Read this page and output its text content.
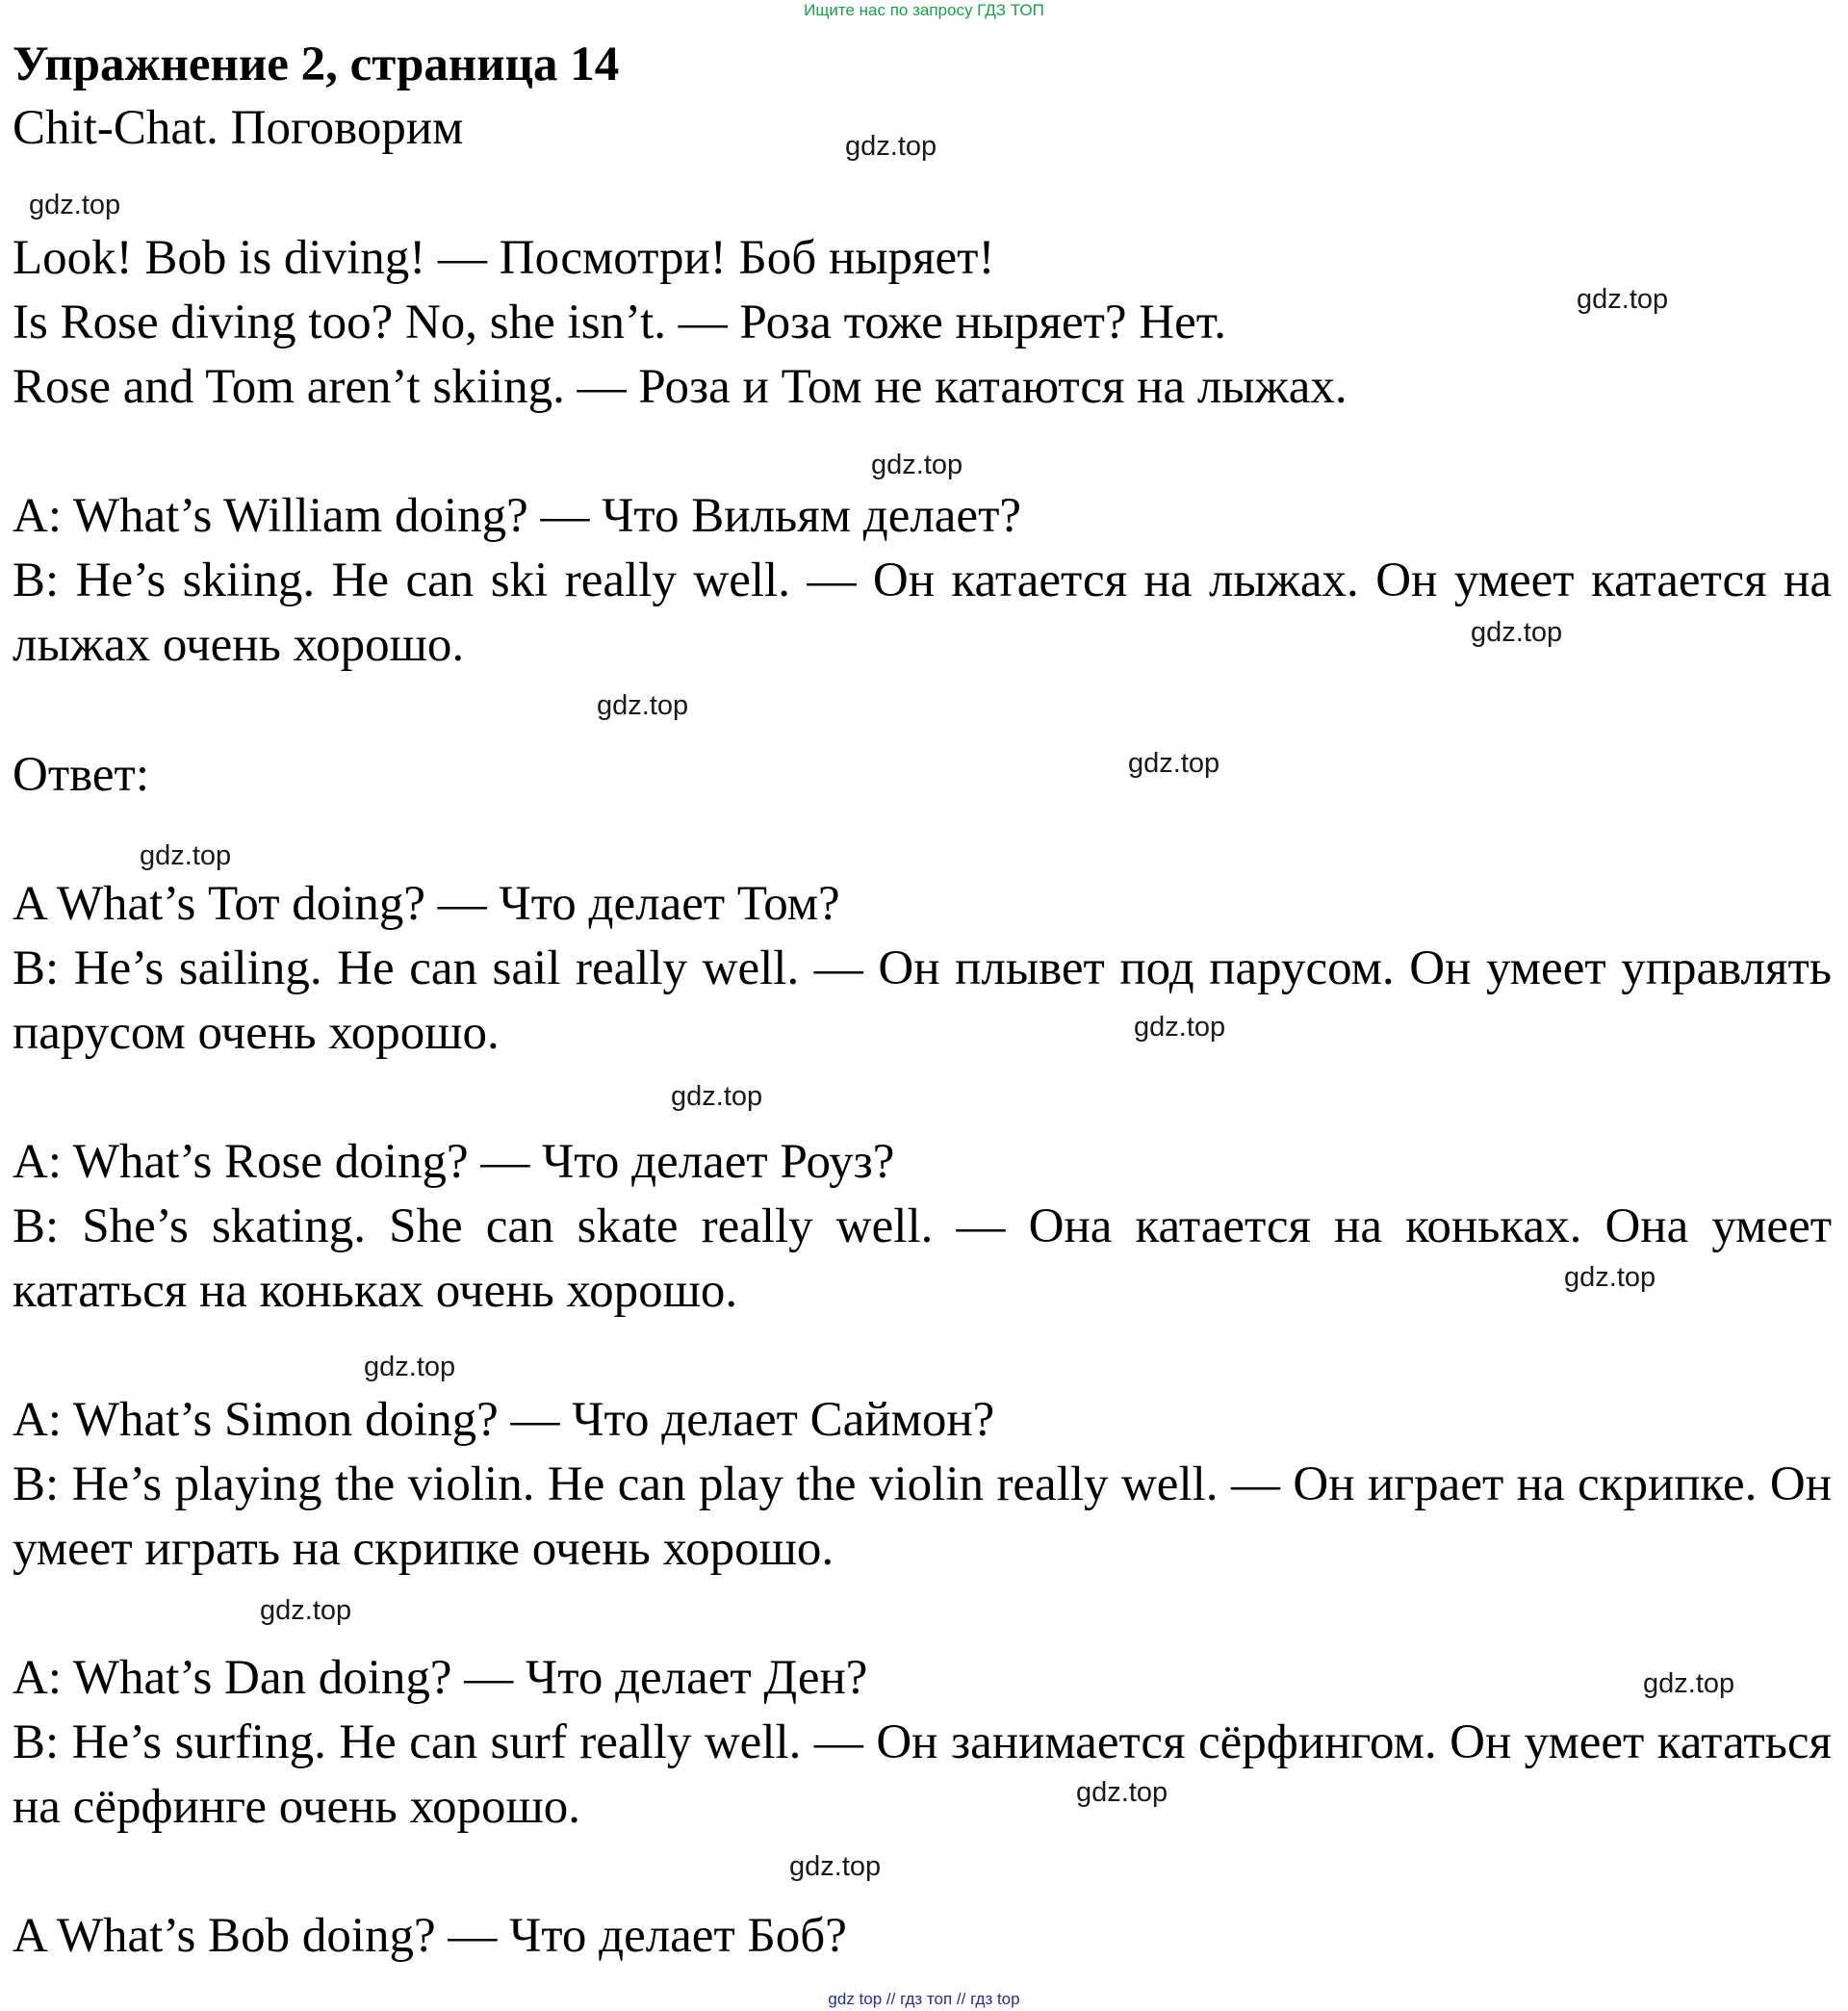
Ищите нас по запросу ГДЗ ТОП
Упражнение 2, страница 14
Chit-Chat. Поговорим

Look! Bob is diving! — Посмотри! Боб ныряет!

Is Rose diving too? No, she isn’t. — Роза тоже ныряет? Нет.

Rose and Tom aren’t skiing. — Роза и Том не катаются на лыжах.

A: What’s William doing? — Что Вильям делает?

B: He’s skiing. He can ski really well. — Он катается на лыжах. Он умеет катается на лыжах очень хорошо.

Ответ:

A What’s Тот doing? — Что делает Том?

B: He’s sailing. He can sail really well. — Он плывет под парусом. Он умеет управлять парусом очень хорошо.

A: What’s Rose doing? — Что делает Роуз?

B: She’s skating. She can skate really well. — Она катается на коньках. Она умеет кататься на коньках очень хорошо.

A: What’s Simon doing? — Что делает Саймон?

B: He’s playing the violin. He can play the violin really well. — Он играет на скрипке. Он умеет играть на скрипке очень хорошо.

A: What’s Dan doing? — Что делает Ден?

B: He’s surfing. He can surf really well. — Он занимается сёрфингом. Он умеет кататься на сёрфинге очень хорошо.

A What’s Bob doing? — Что делает Боб?

gdz.top
gdz.top
gdz.top
gdz.top
gdz.top
gdz.top
gdz.top
gdz.top
gdz.top
gdz.top
gdz.top
gdz.top
gdz.top
gdz.top
gdz.top
gdz.top
gdz top // гдз топ // гдз top
